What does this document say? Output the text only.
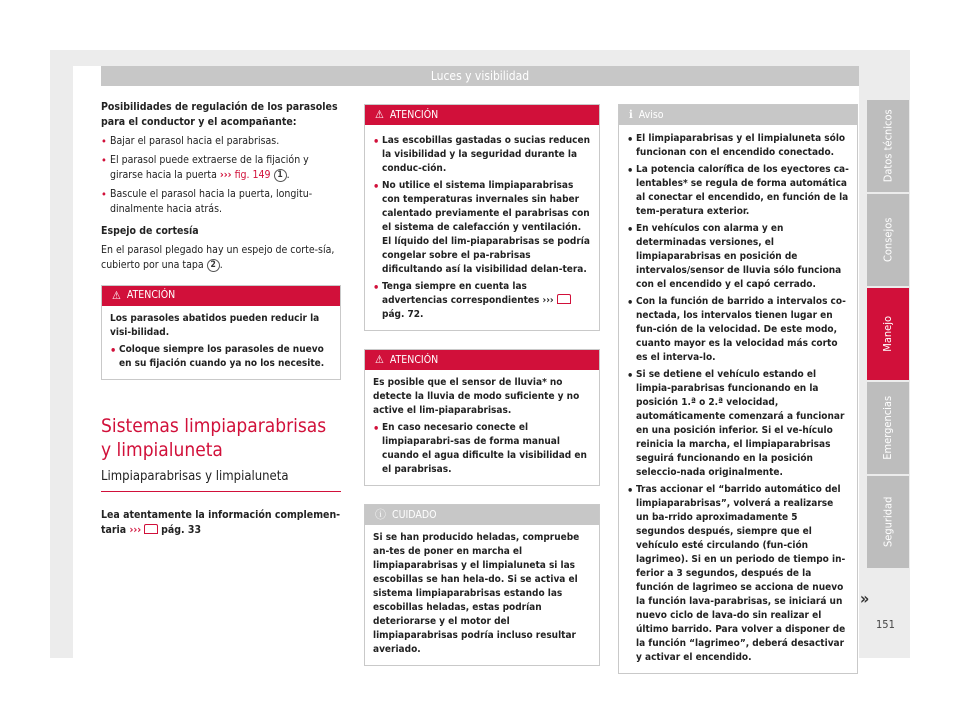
Luces y visibilidad
Posibilidades de regulación de los parasoles para el conductor y el acompañante:
• Bajar el parasol hacia el parabrisas.
• El parasol puede extraerse de la fijación y girarse hacia la puerta ››› fig. 149 1 .
• Bascule el parasol hacia la puerta, longitu-dinalmente hacia atrás.
Espejo de cortesía
En el parasol plegado hay un espejo de corte-sía, cubierto por una tapa 2 .
⚠ ATENCIÓN
Los parasoles abatidos pueden reducir la visi-bilidad.
• Coloque siempre los parasoles de nuevo en su fijación cuando ya no los necesite.
Sistemas limpiaparabrisas y limpialuneta
Limpiaparabrisas y limpialuneta
Lea atentamente la información complemen-taria ››› pág. 33
⚠ ATENCIÓN
• Las escobillas gastadas o sucias reducen la visibilidad y la seguridad durante la conduc-ción.
• No utilice el sistema limpiaparabrisas con temperaturas invernales sin haber calentado previamente el parabrisas con el sistema de calefacción y ventilación. El líquido del lim-piaparabrisas se podría congelar sobre el pa-rabrisas dificultando así la visibilidad delan-tera.
• Tenga siempre en cuenta las advertencias correspondientes ›››pág. 72.
⚠ ATENCIÓN
Es posible que el sensor de lluvia* no detecte la lluvia de modo suficiente y no active el lim-piaparabrisas.
• En caso necesario conecte el limpiaparabri-sas de forma manual cuando el agua dificulte la visibilidad en el parabrisas.
ⓘ CUIDADO
Si se han producido heladas, compruebe an-tes de poner en marcha el limpiaparabrisas y el limpialuneta si las escobillas se han hela-do. Si se activa el sistema limpiaparabrisas estando las escobillas heladas, estas podrían deteriorarse y el motor del limpiaparabrisas podría incluso resultar averiado.
ℹ Aviso
• El limpiaparabrisas y el limpialuneta sólo funcionan con el encendido conectado.
• La potencia calorífica de los eyectores ca-lentables* se regula de forma automática al conectar el encendido, en función de la tem-peratura exterior.
• En vehículos con alarma y en determinadas versiones, el limpiaparabrisas en posición de intervalos/sensor de lluvia sólo funciona con el encendido y el capó cerrado.
• Con la función de barrido a intervalos co-nectada, los intervalos tienen lugar en fun-ción de la velocidad. De este modo, cuanto mayor es la velocidad más corto es el interva-lo.
• Si se detiene el vehículo estando el limpia-parabrisas funcionando en la posición 1.ª o 2.ª velocidad, automáticamente comenzará a funcionar en una posición inferior. Si el ve-hículo reinicia la marcha, el limpiaparabrisas seguirá funcionando en la posición seleccio-nada originalmente.
• Tras accionar el “barrido automático del limpiaparabrisas”, volverá a realizarse un ba-rrido aproximadamente 5 segundos después, siempre que el vehículo esté circulando (fun-ción lagrimeo). Si en un periodo de tiempo in-ferior a 3 segundos, después de la función de lagrimeo se acciona de nuevo la función lava-parabrisas, se iniciará un nuevo ciclo de lava-do sin realizar el último barrido. Para volver a disponer de la función “lagrimeo”, deberá desactivar y activar el encendido.
»
Datos técnicos
Consejos
Manejo
Emergencias
Seguridad
151
